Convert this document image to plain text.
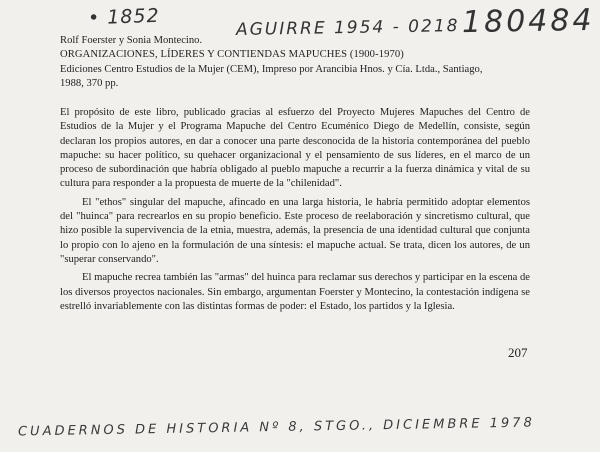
• 1852	AGUIRRE 1954 - 0218 180484
Rolf Foerster y Sonia Montecino.
ORGANIZACIONES, LÍDERES Y CONTIENDAS MAPUCHES (1900-1970)
Ediciones Centro Estudios de la Mujer (CEM), Impreso por Arancibia Hnos. y Cía. Ltda., Santiago,
1988, 370 pp.

El propósito de este libro, publicado gracias al esfuerzo del Proyecto Mujeres Mapuches del Centro de Estudios de la Mujer y el Programa Mapuche del Centro Ecuménico Diego de Medellín, consiste, según declaran los propios autores, en dar a conocer una parte desconocida de la historia contemporánea del pueblo mapuche: su hacer político, su quehacer organizacional y el pensamiento de sus líderes, en el marco de un proceso de subordinación que habría obligado al pueblo mapuche a recurrir a la fuerza dinámica y vital de su cultura para responder a la propuesta de muerte de la "chilenidad".

El "ethos" singular del mapuche, afincado en una larga historia, le habría permitido adoptar elementos del "huinca" para recrearlos en su propio beneficio. Este proceso de reelaboración y sincretismo cultural, que hizo posible la supervivencia de la etnia, muestra, además, la presencia de una identidad cultural que conjunta lo propio con lo ajeno en la formulación de una síntesis: el mapuche actual. Se trata, dicen los autores, de un "superar conservando".

El mapuche recrea también las "armas" del huinca para reclamar sus derechos y participar en la escena de los diversos proyectos nacionales. Sin embargo, argumentan Foerster y Montecino, la contestación indígena se estrelló invariablemente con las distintas formas de poder: el Estado, los partidos y la Iglesia.

207
CUADERNOS DE HISTORIA Nº 8, STGO., DICIEMBRE 1978
